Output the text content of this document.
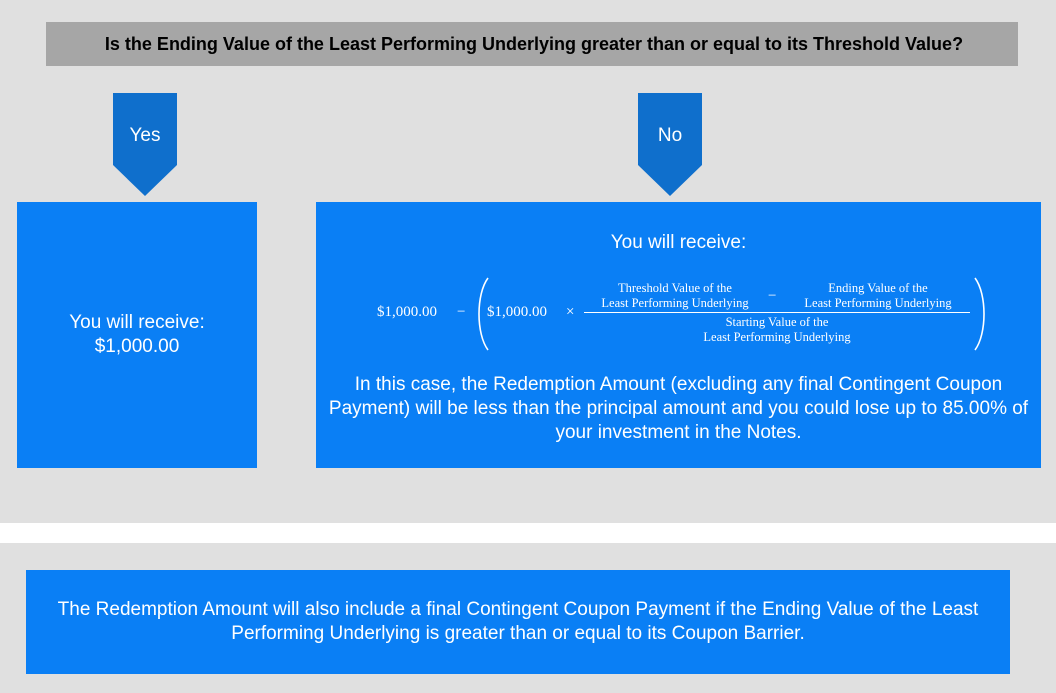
Is the Ending Value of the Least Performing Underlying greater than or equal to its Threshold Value?
Yes	No
You will receive:
$1,000.00
You will receive:
$1,000.00 − $1,000.00 ×
Threshold Value of the
Least Performing Underlying	−	Ending Value of the
Least Performing Underlying
Starting Value of the
Least Performing Underlying
In this case, the Redemption Amount (excluding any final Contingent Coupon Payment) will be less than the principal amount and you could lose up to 85.00% of your investment in the Notes.
The Redemption Amount will also include a final Contingent Coupon Payment if the Ending Value of the Least Performing Underlying is greater than or equal to its Coupon Barrier.
